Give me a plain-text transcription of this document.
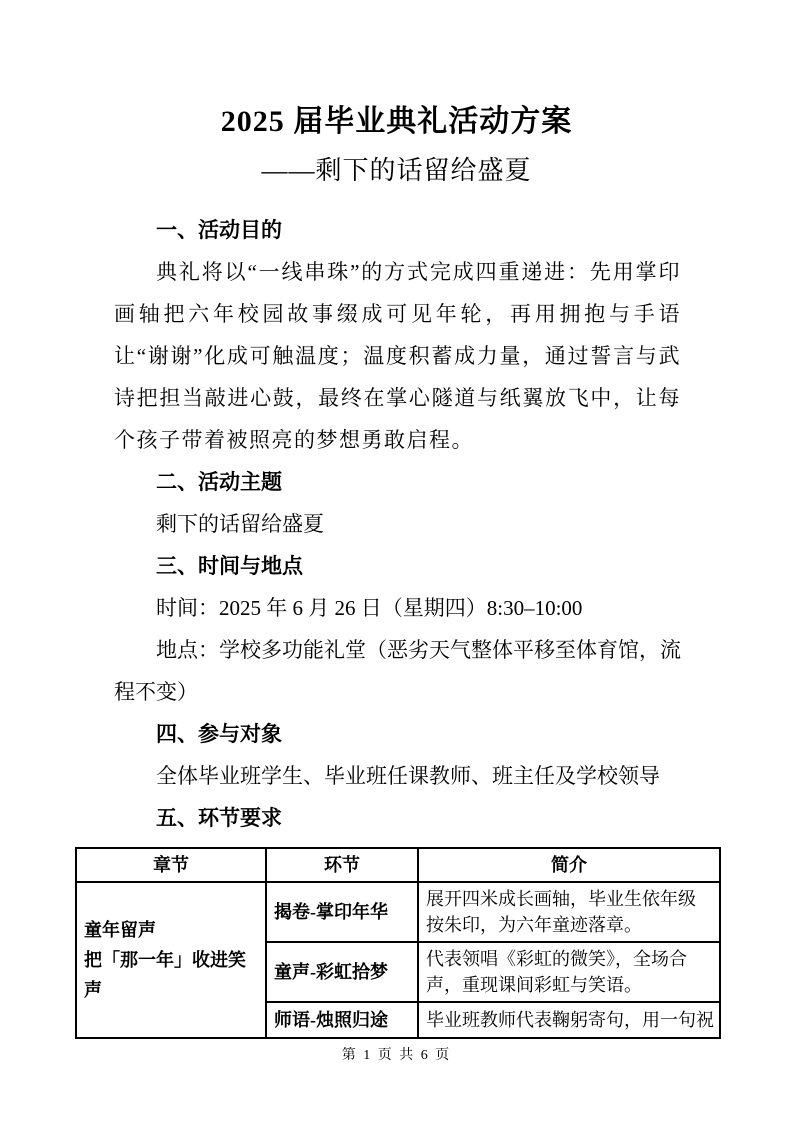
2025 届毕业典礼活动方案
——剩下的话留给盛夏

一、活动目的

典礼将以“一线串珠”的方式完成四重递进：先用掌印画轴把六年校园故事缀成可见年轮，再用拥抱与手语让“谢谢”化成可触温度；温度积蓄成力量，通过誓言与武诗把担当敲进心鼓，最终在掌心隧道与纸翼放飞中，让每个孩子带着被照亮的梦想勇敢启程。

二、活动主题

剩下的话留给盛夏

三、时间与地点

时间：2025 年 6 月 26 日（星期四）8:30–10:00

地点：学校多功能礼堂（恶劣天气整体平移至体育馆，流程不变）

四、参与对象

全体毕业班学生、毕业班任课教师、班主任及学校领导

五、环节要求

章节	环节	简介

童年留声
把「那一年」收进笑声	揭卷-掌印年华	展开四米成长画轴，毕业生依年级按朱印，为六年童迹落章。
	童声-彩虹拾梦	代表领唱《彩虹的微笑》，全场合声，重现课间彩虹与笑语。
	师语-烛照归途	毕业班教师代表鞠躬寄句，用一句祝
第 1 页 共 6 页
